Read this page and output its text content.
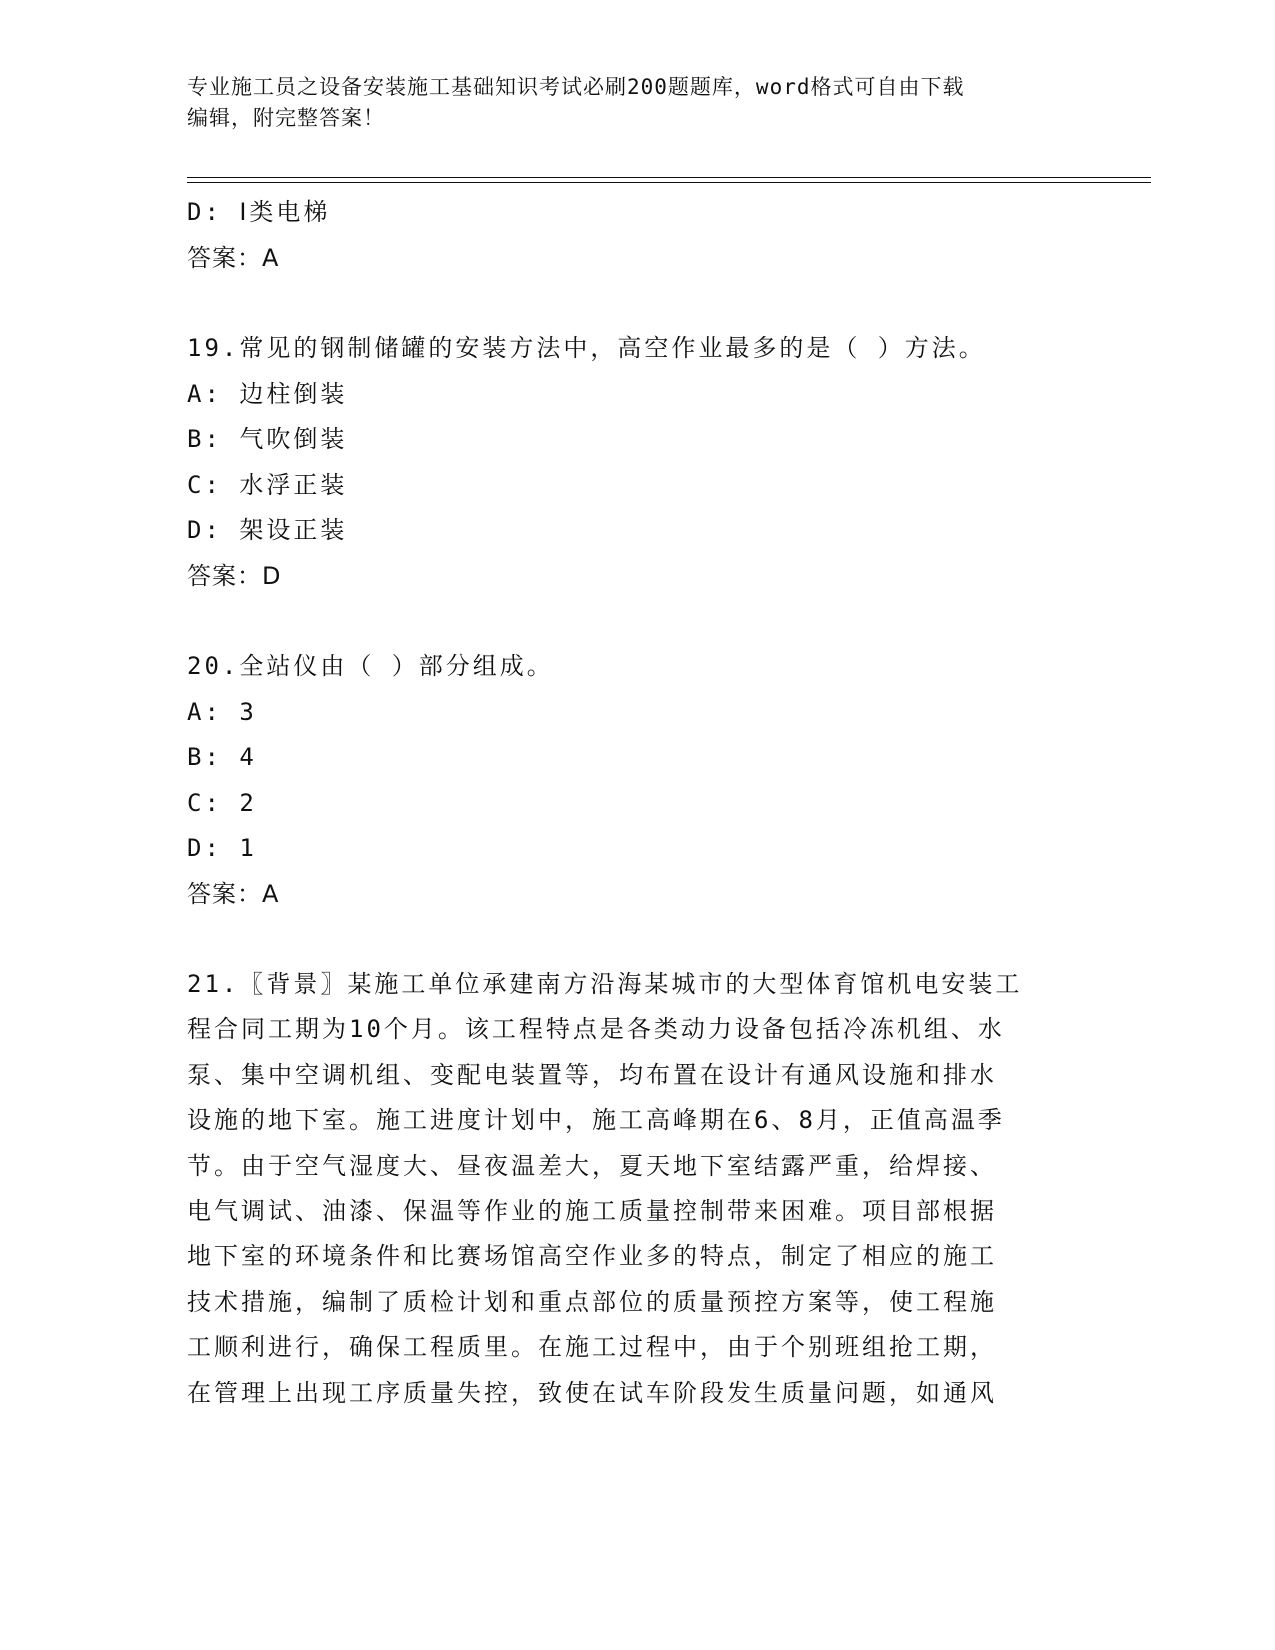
专业施工员之设备安装施工基础知识考试必刷200题题库，word格式可自由下载
编辑，附完整答案！
D: Ⅰ类电梯
答案：A
19.常见的钢制储罐的安装方法中，高空作业最多的是（ ）方法。
A: 边柱倒装
B: 气吹倒装
C: 水浮正装
D: 架设正装
答案：D
20.全站仪由（ ）部分组成。
A: 3
B: 4
C: 2
D: 1
答案：A
21.〖背景〗某施工单位承建南方沿海某城市的大型体育馆机电安装工
程合同工期为10个月。该工程特点是各类动力设备包括冷冻机组、水
泵、集中空调机组、变配电装置等，均布置在设计有通风设施和排水
设施的地下室。施工进度计划中，施工高峰期在6、8月，正值高温季
节。由于空气湿度大、昼夜温差大，夏天地下室结露严重，给焊接、
电气调试、油漆、保温等作业的施工质量控制带来困难。项目部根据
地下室的环境条件和比赛场馆高空作业多的特点，制定了相应的施工
技术措施，编制了质检计划和重点部位的质量预控方案等，使工程施
工顺利进行，确保工程质里。在施工过程中，由于个别班组抢工期，
在管理上出现工序质量失控，致使在试车阶段发生质量问题，如通风
